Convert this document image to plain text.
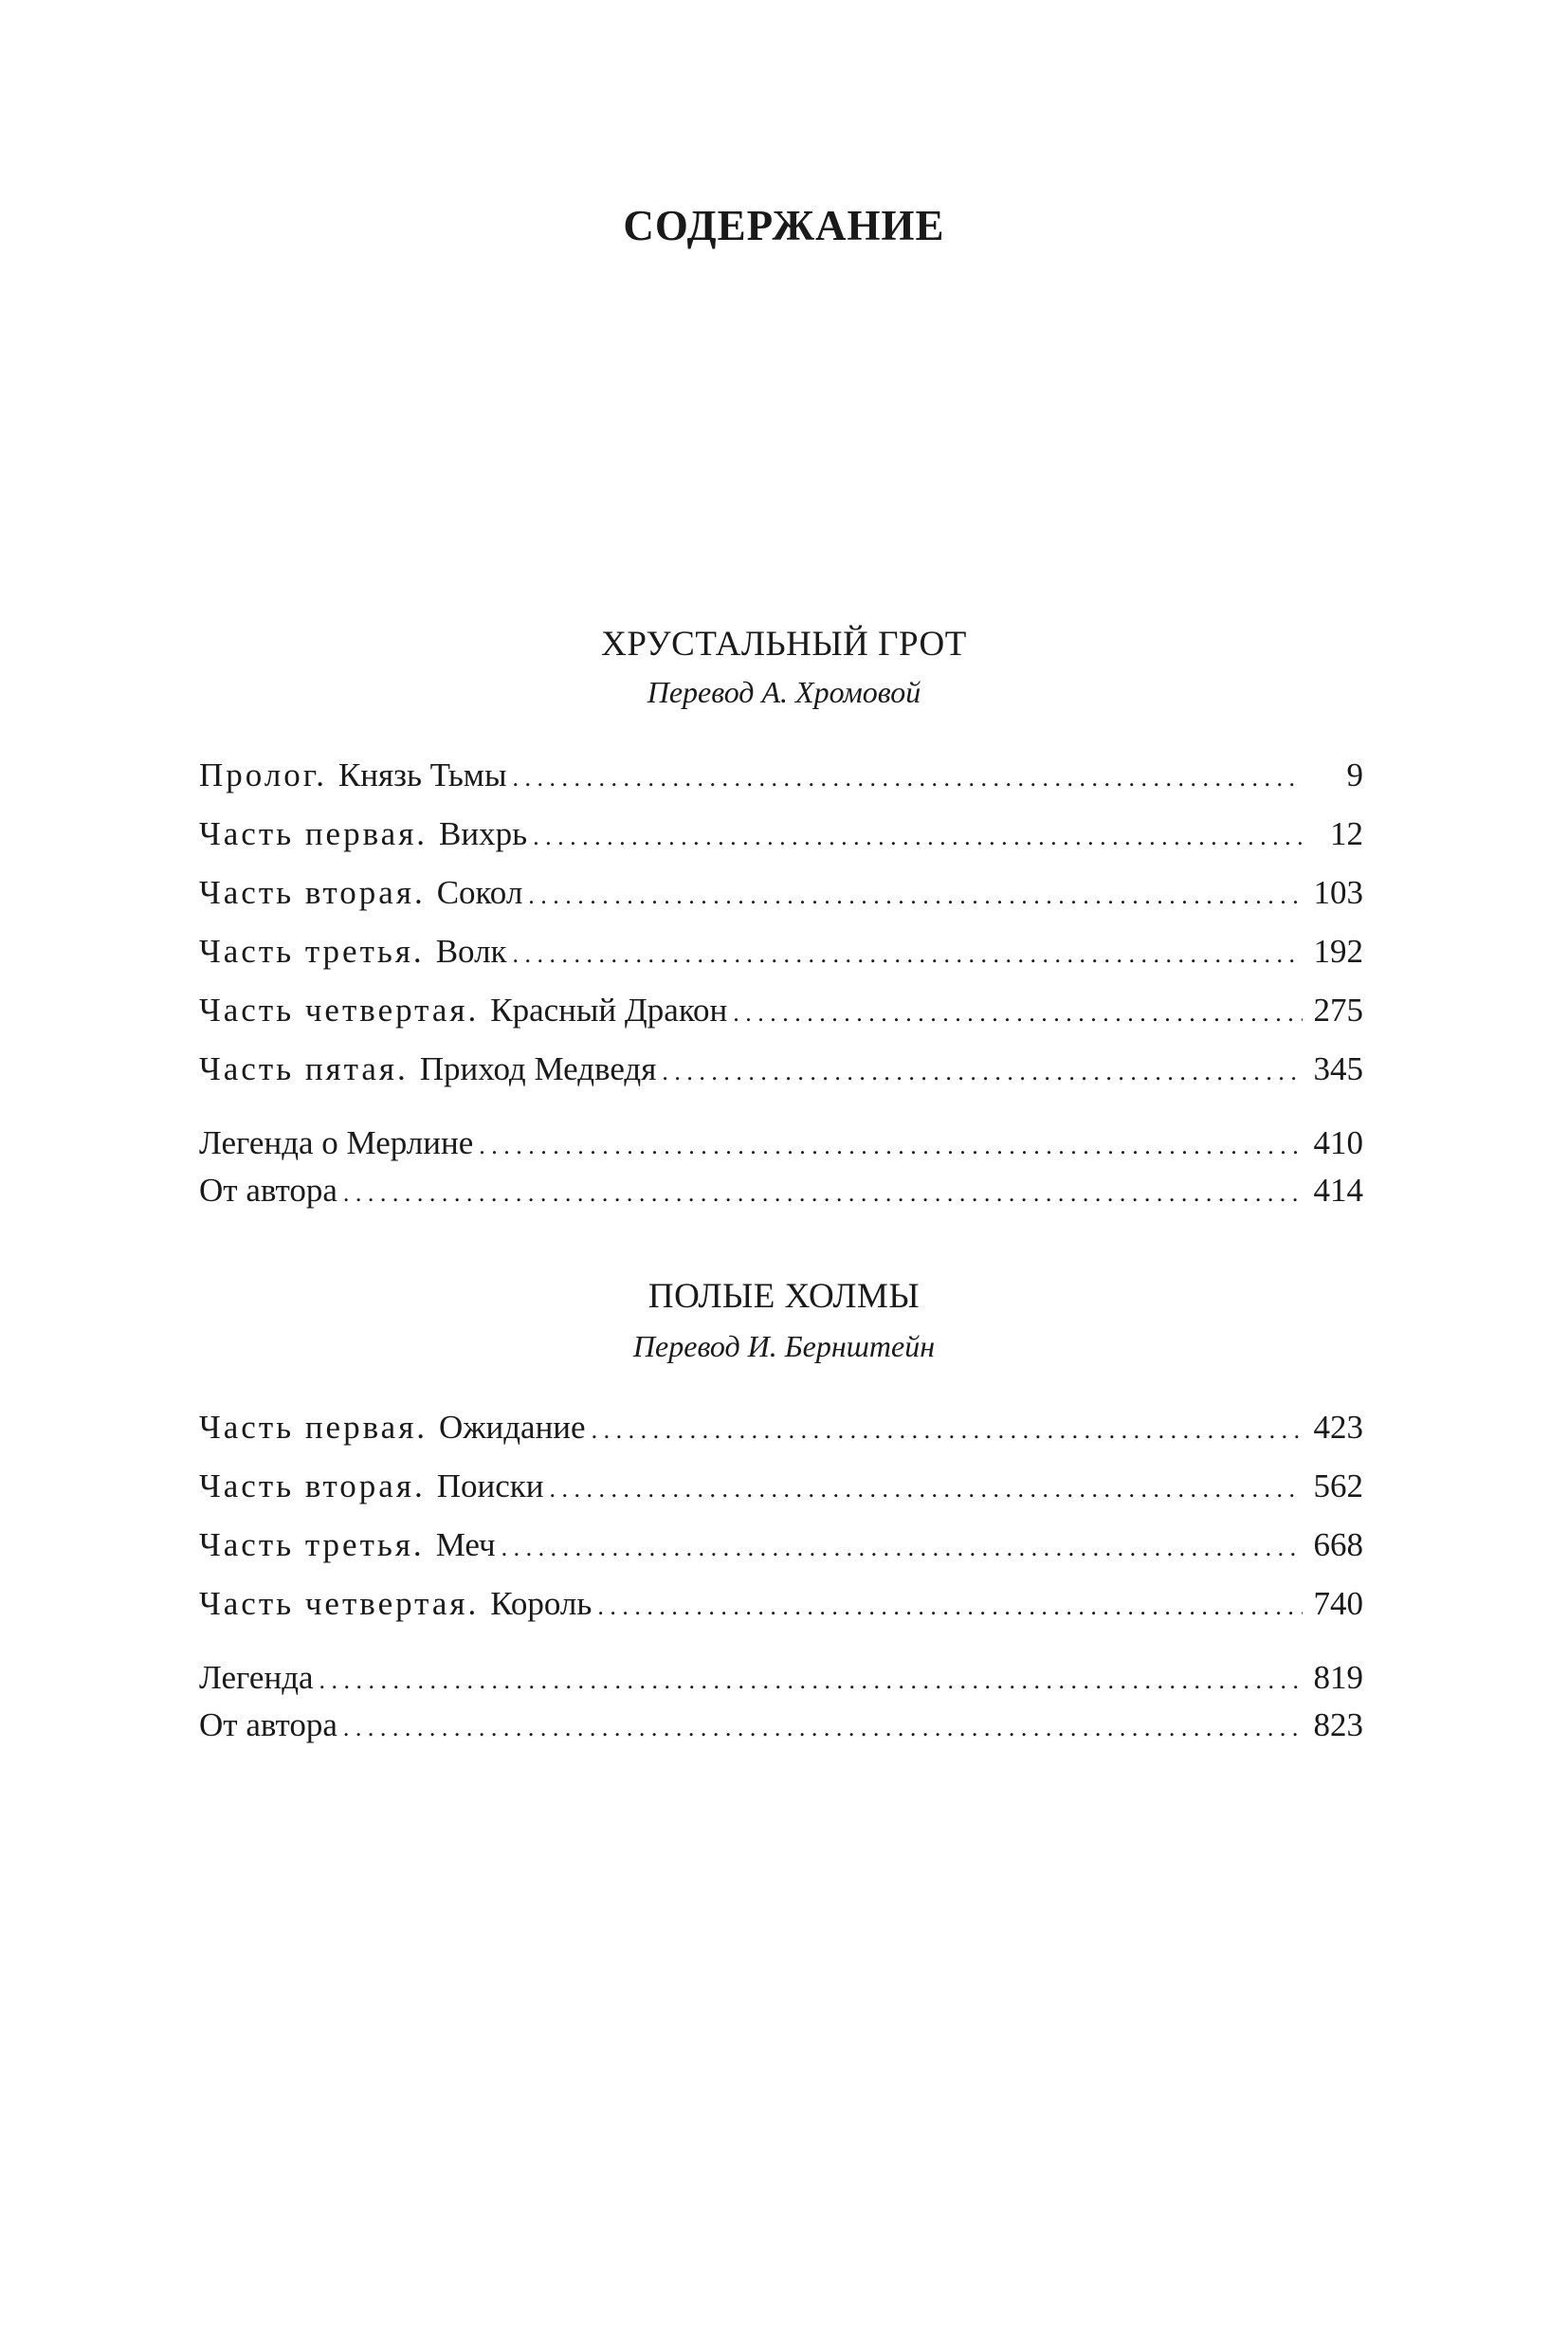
СОДЕРЖАНИЕ
ХРУСТАЛЬНЫЙ ГРОТ
Перевод А. Хромовой
Пролог. Князь Тьмы . . .	9
Часть первая. Вихрь . . .	12
Часть вторая. Сокол . . .	103
Часть третья. Волк . . .	192
Часть четвертая. Красный Дракон . . .	275
Часть пятая. Приход Медведя . . .	345
Легенда о Мерлине . . .	410
От автора . . .	414
ПОЛЫЕ ХОЛМЫ
Перевод И. Бернштейн
Часть первая. Ожидание . . .	423
Часть вторая. Поиски . . .	562
Часть третья. Меч . . .	668
Часть четвертая. Король . . .	740
Легенда . . .	819
От автора . . .	823
